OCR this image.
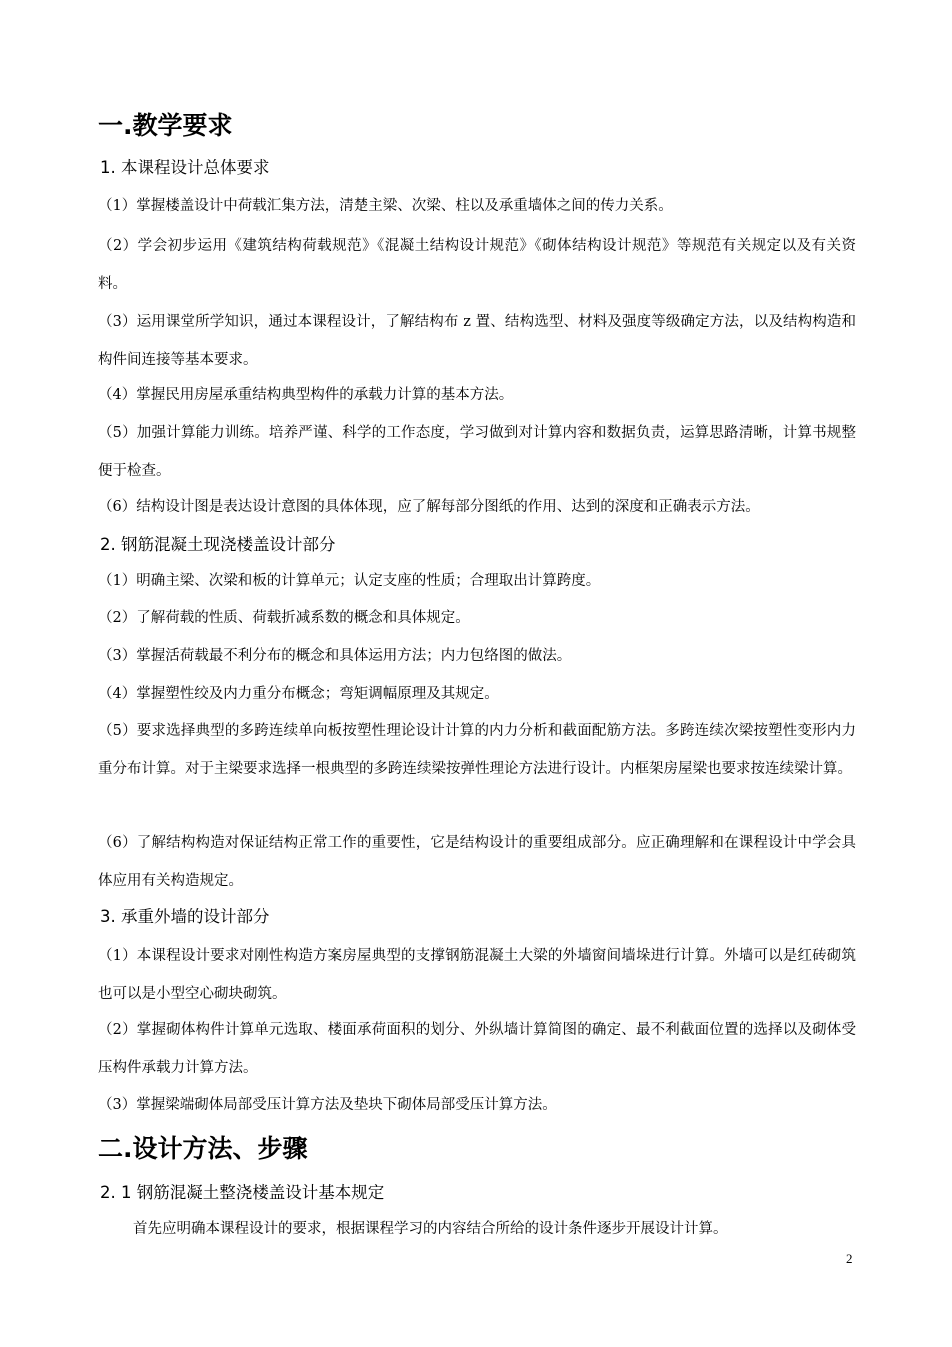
一.教学要求
1. 本课程设计总体要求
（1）掌握楼盖设计中荷载汇集方法，清楚主梁、次梁、柱以及承重墙体之间的传力关系。
（2）学会初步运用《建筑结构荷载规范》《混凝土结构设计规范》《砌体结构设计规范》等规范有关规定以及有关资料。
（3）运用课堂所学知识，通过本课程设计，了解结构布 z 置、结构选型、材料及强度等级确定方法，以及结构构造和构件间连接等基本要求。
（4）掌握民用房屋承重结构典型构件的承载力计算的基本方法。
（5）加强计算能力训练。培养严谨、科学的工作态度，学习做到对计算内容和数据负责，运算思路清晰，计算书规整便于检查。
（6）结构设计图是表达设计意图的具体体现，应了解每部分图纸的作用、达到的深度和正确表示方法。
2. 钢筋混凝土现浇楼盖设计部分
（1）明确主梁、次梁和板的计算单元；认定支座的性质；合理取出计算跨度。
（2）了解荷载的性质、荷载折减系数的概念和具体规定。
（3）掌握活荷载最不利分布的概念和具体运用方法；内力包络图的做法。
（4）掌握塑性绞及内力重分布概念；弯矩调幅原理及其规定。
（5）要求选择典型的多跨连续单向板按塑性理论设计计算的内力分析和截面配筋方法。多跨连续次梁按塑性变形内力重分布计算。对于主梁要求选择一根典型的多跨连续梁按弹性理论方法进行设计。内框架房屋梁也要求按连续梁计算。
（6）了解结构构造对保证结构正常工作的重要性，它是结构设计的重要组成部分。应正确理解和在课程设计中学会具体应用有关构造规定。
3. 承重外墙的设计部分
（1）本课程设计要求对刚性构造方案房屋典型的支撑钢筋混凝土大梁的外墙窗间墙垛进行计算。外墙可以是红砖砌筑也可以是小型空心砌块砌筑。
（2）掌握砌体构件计算单元选取、楼面承荷面积的划分、外纵墙计算简图的确定、最不利截面位置的选择以及砌体受压构件承载力计算方法。
（3）掌握梁端砌体局部受压计算方法及垫块下砌体局部受压计算方法。
二.设计方法、步骤
2. 1 钢筋混凝土整浇楼盖设计基本规定
首先应明确本课程设计的要求，根据课程学习的内容结合所给的设计条件逐步开展设计计算。
2
